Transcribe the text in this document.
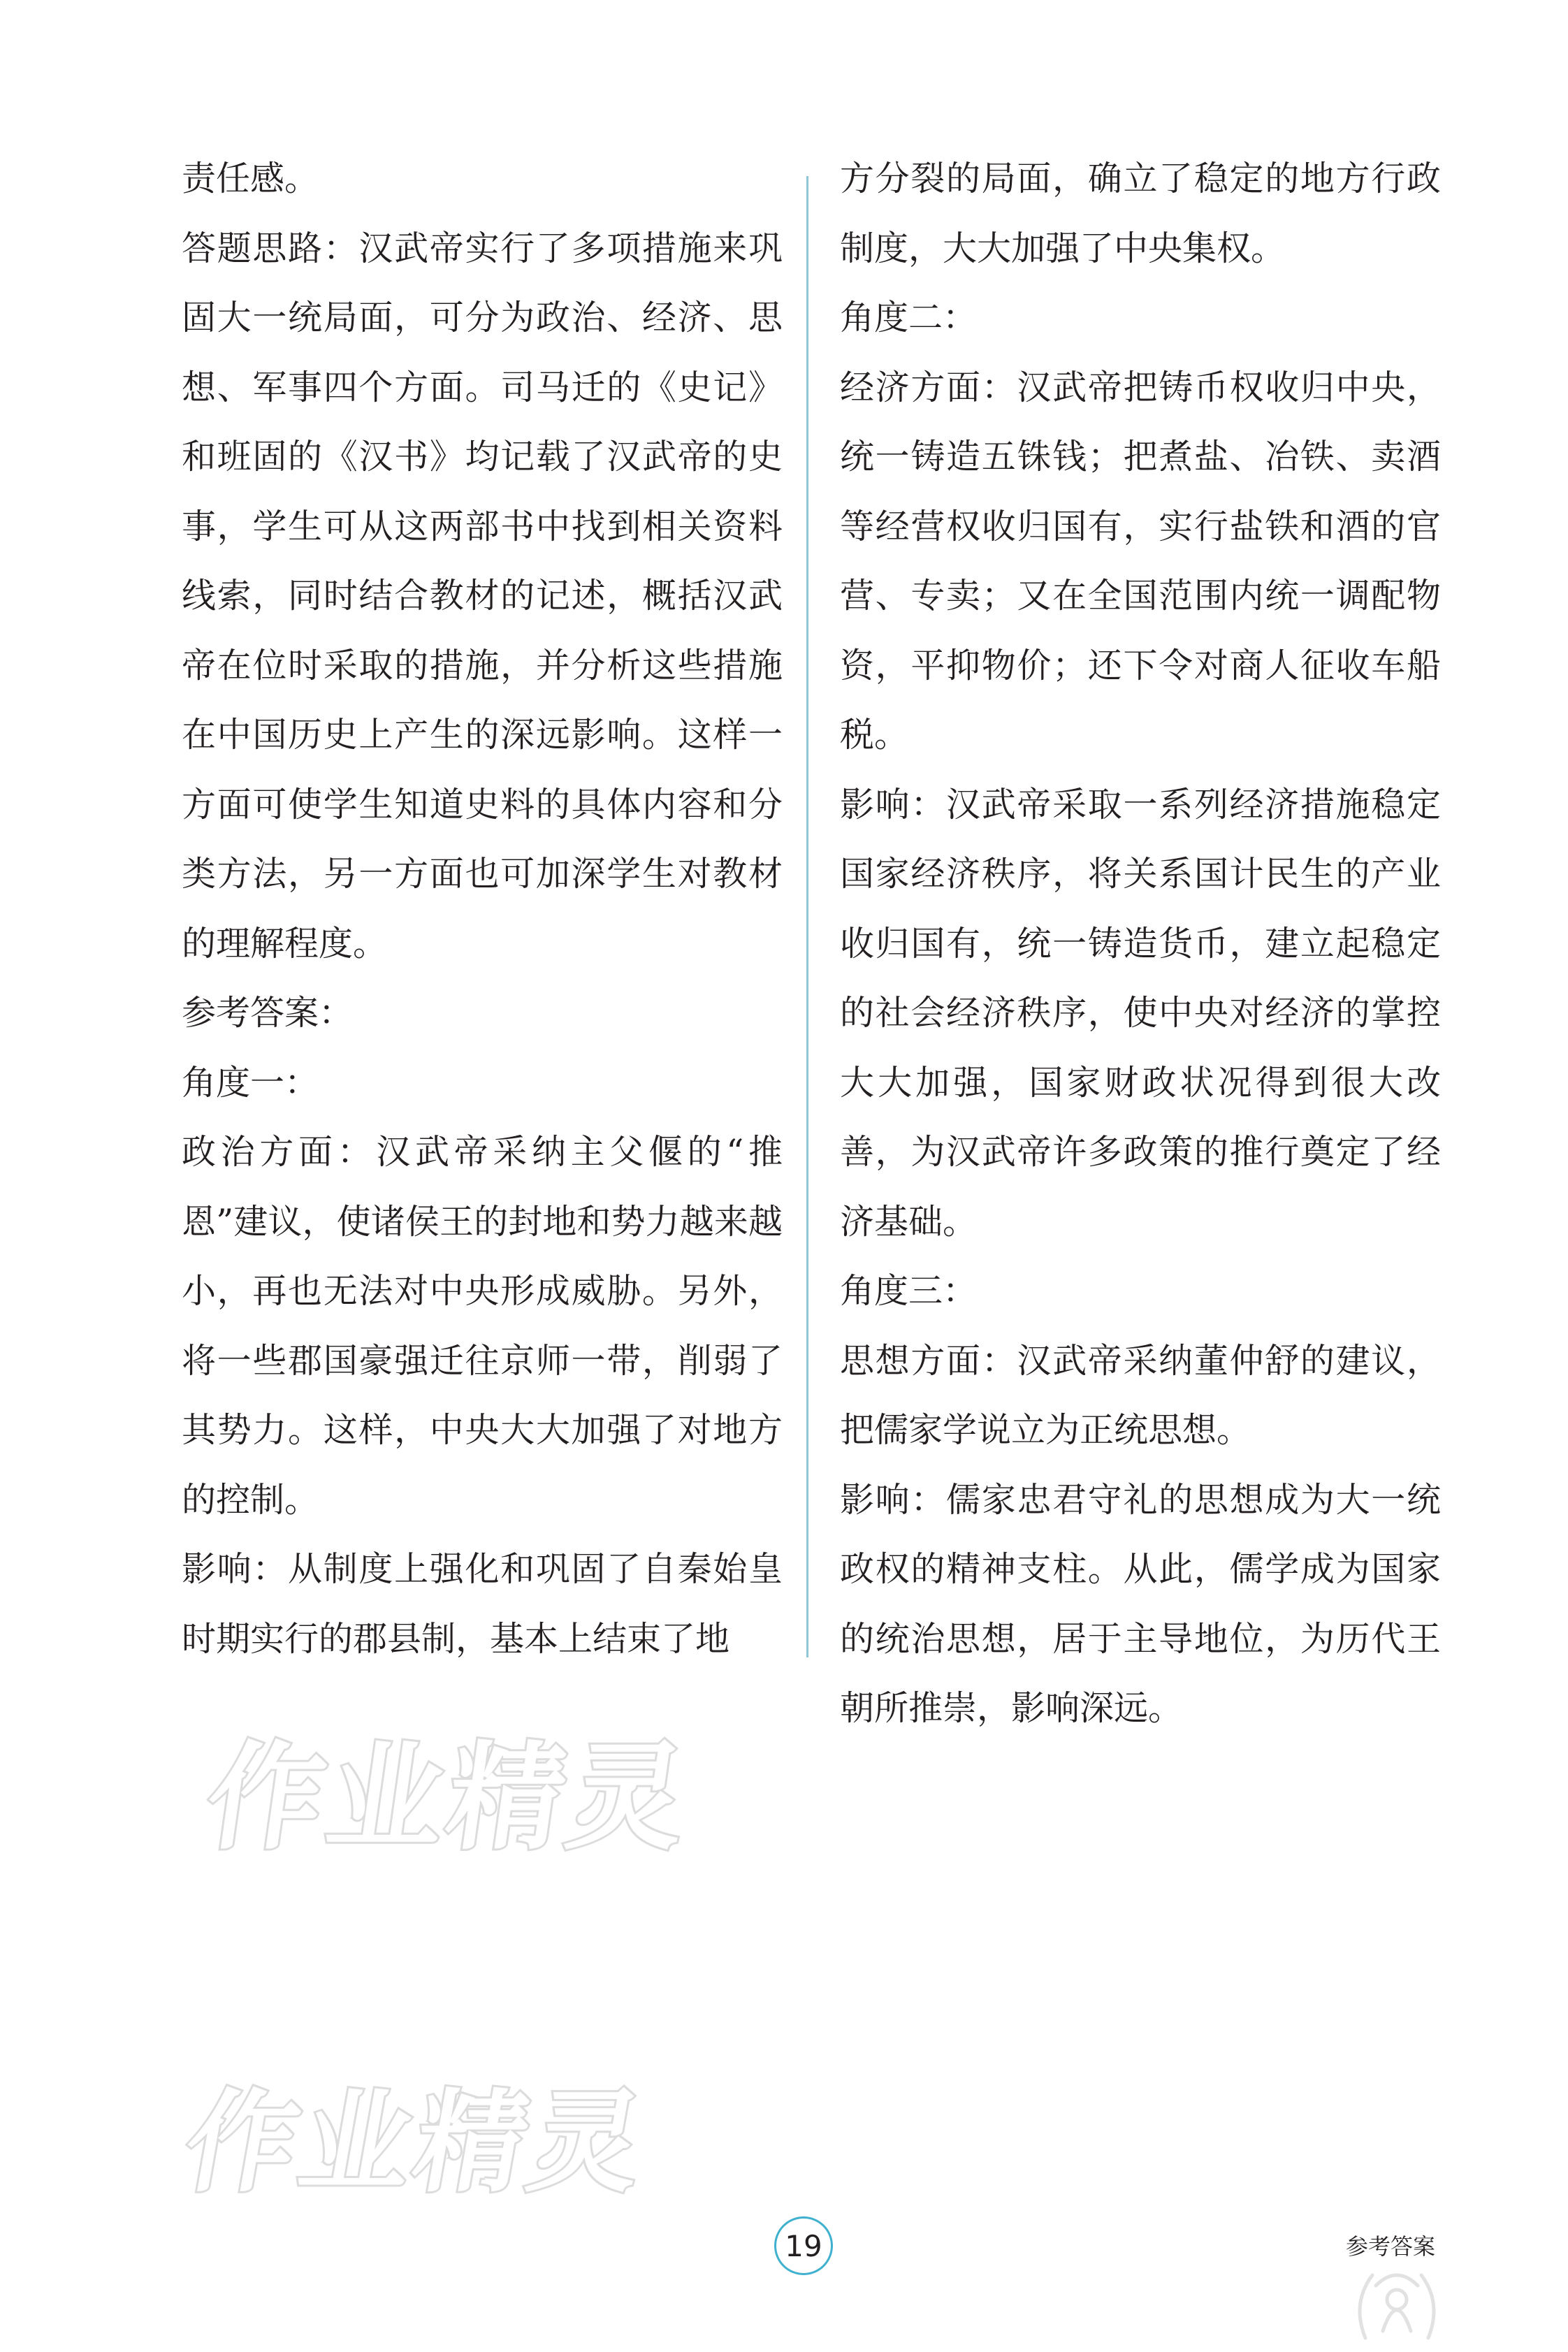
责任感。

答题思路：汉武帝实行了多项措施来巩固大一统局面，可分为政治、经济、思想、军事四个方面。司马迁的《史记》和班固的《汉书》均记载了汉武帝的史事，学生可从这两部书中找到相关资料线索，同时结合教材的记述，概括汉武帝在位时采取的措施，并分析这些措施在中国历史上产生的深远影响。这样一方面可使学生知道史料的具体内容和分类方法，另一方面也可加深学生对教材的理解程度。

参考答案：

角度一：

政治方面：汉武帝采纳主父偃的“推恩”建议，使诸侯王的封地和势力越来越小，再也无法对中央形成威胁。另外，将一些郡国豪强迁往京师一带，削弱了其势力。这样，中央大大加强了对地方的控制。

影响：从制度上强化和巩固了自秦始皇时期实行的郡县制，基本上结束了地

方分裂的局面，确立了稳定的地方行政制度，大大加强了中央集权。

角度二：

经济方面：汉武帝把铸币权收归中央，统一铸造五铢钱；把煮盐、冶铁、卖酒等经营权收归国有，实行盐铁和酒的官营、专卖；又在全国范围内统一调配物资，平抑物价；还下令对商人征收车船税。

影响：汉武帝采取一系列经济措施稳定国家经济秩序，将关系国计民生的产业收归国有，统一铸造货币，建立起稳定的社会经济秩序，使中央对经济的掌控大大加强，国家财政状况得到很大改善，为汉武帝许多政策的推行奠定了经济基础。

角度三：

思想方面：汉武帝采纳董仲舒的建议，把儒家学说立为正统思想。

影响：儒家忠君守礼的思想成为大一统政权的精神支柱。从此，儒学成为国家的统治思想，居于主导地位，为历代王朝所推崇，影响深远。

作业精灵
作业精灵
19	参考答案
